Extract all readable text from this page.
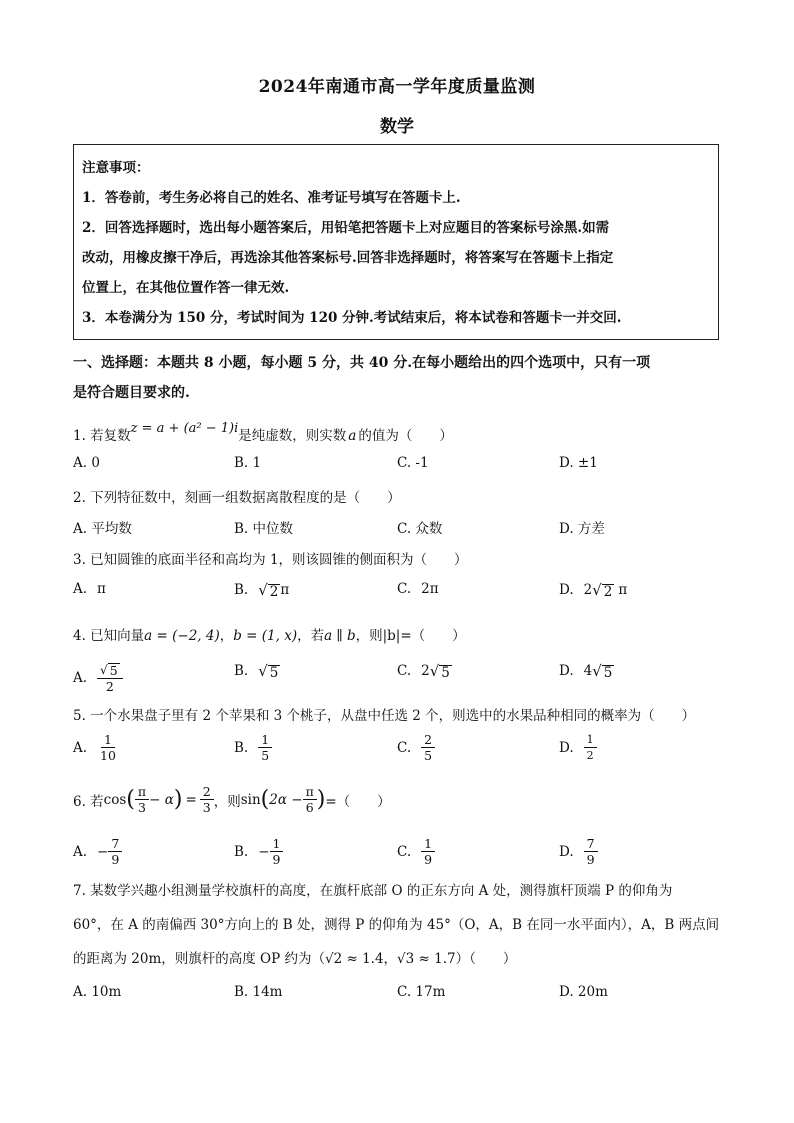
2024年南通市高一学年度质量监测
数学
注意事项：
1．答卷前，考生务必将自己的姓名、准考证号填写在答题卡上.
2．回答选择题时，选出每小题答案后，用铅笔把答题卡上对应题目的答案标号涂黑.如需
改动，用橡皮擦干净后，再选涂其他答案标号.回答非选择题时，将答案写在答题卡上指定
位置上，在其他位置作答一律无效.
3．本卷满分为 150 分，考试时间为 120 分钟.考试结束后，将本试卷和答题卡一并交回.
一、选择题：本题共 8 小题，每小题 5 分，共 40 分.在每小题给出的四个选项中，只有一项
是符合题目要求的.
1. 若复数z = a + (a² − 1)i是纯虚数，则实数 a 的值为（　　）
A. 0	B. 1	C. -1	D. ±1
2. 下列特征数中，刻画一组数据离散程度的是（　　）
A. 平均数	B. 中位数	C. 众数	D. 方差
3. 已知圆锥的底面半径和高均为 1，则该圆锥的侧面积为（　　）
A. π	B. √ 2 π	C. 2π	D. 2 √ 2 π
4. 已知向量a = (−2, 4)，b = (1, x)，若a ∥ b，则|b|=（　　）
A. $\frac{√ 5}{2}$	B. √ 5	C. 2 √ 5	D. 4 √ 5
5. 一个水果盘子里有 2 个苹果和 3 个桃子，从盘中任选 2 个，则选中的水果品种相同的概率为（　　）
A. $\frac{1}{10}$	B. $\frac{1}{5}$	C. $\frac{2}{5}$	D. $\frac{1}{2}$
6. 若 cos ( $\frac{\pi}{3} - \alpha$ ) = $\frac{2}{3}$ ，则 sin ( $2\alpha - \frac{\pi}{6}$ ) =（　　）
A. − $\frac{7}{9}$	B. − $\frac{1}{9}$	C. $\frac{1}{9}$	D. $\frac{7}{9}$
7. 某数学兴趣小组测量学校旗杆的高度，在旗杆底部 O 的正东方向 A 处，测得旗杆顶端 P 的仰角为
60°，在 A 的南偏西 30°方向上的 B 处，测得 P 的仰角为 45°（O，A，B 在同一水平面内），A，B 两点间
的距离为 20m，则旗杆的高度 OP 约为（√2 ≈ 1.4，√3 ≈ 1.7）（　　）
A. 10m	B. 14m	C. 17m	D. 20m
